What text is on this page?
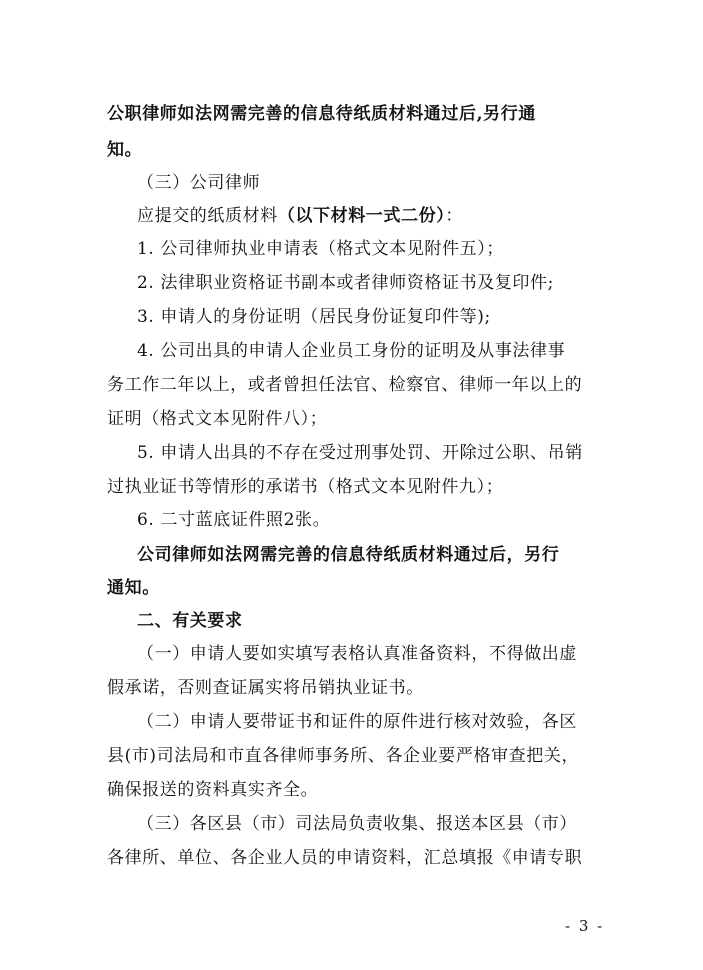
公职律师如法网需完善的信息待纸质材料通过后,另行通
知。
（三）公司律师
应提交的纸质材料（以下材料一式二份）：
1. 公司律师执业申请表（格式文本见附件五）；
2. 法律职业资格证书副本或者律师资格证书及复印件;
3. 申请人的身份证明（居民身份证复印件等);
4. 公司出具的申请人企业员工身份的证明及从事法律事
务工作二年以上，或者曾担任法官、检察官、律师一年以上的
证明（格式文本见附件八）；
5. 申请人出具的不存在受过刑事处罚、开除过公职、吊销
过执业证书等情形的承诺书（格式文本见附件九）；
6. 二寸蓝底证件照2张。
公司律师如法网需完善的信息待纸质材料通过后，另行
通知。
二、有关要求
（一）申请人要如实填写表格认真准备资料，不得做出虚
假承诺，否则查证属实将吊销执业证书。
（二）申请人要带证书和证件的原件进行核对效验，各区
县(市)司法局和市直各律师事务所、各企业要严格审查把关，
确保报送的资料真实齐全。
（三）各区县（市）司法局负责收集、报送本区县（市）
各律所、单位、各企业人员的申请资料，汇总填报《申请专职
- 3 -
